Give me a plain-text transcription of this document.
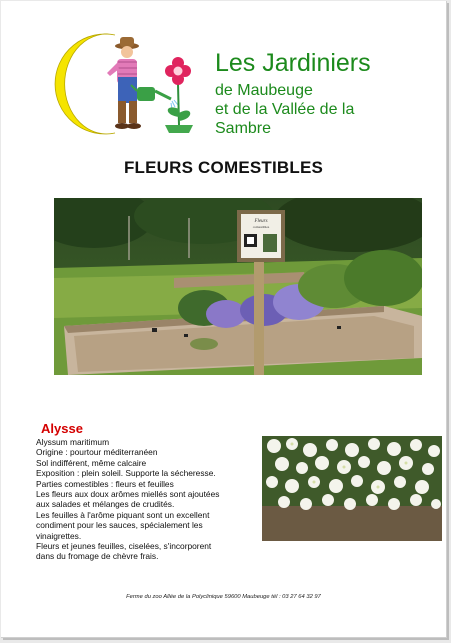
Les Jardiniers
de Maubeuge
et de la Vallée de la
Sambre
FLEURS COMESTIBLES
Fleurs
comestibles
Alysse
Alyssum maritimum
Origine : pourtour méditerranéen
Sol indifférent, même calcaire
Exposition : plein soleil. Supporte la sécheresse.
Parties comestibles : fleurs et feuilles
Les fleurs aux doux arômes miellés sont ajoutées
aux salades et mélanges de crudités.
Les feuilles à l'arôme piquant sont un excellent
condiment pour les sauces, spécialement les
vinaigrettes.
Fleurs et jeunes feuilles, ciselées, s'incorporent
dans du fromage de chèvre frais.
Ferme du zoo Allée de la Polyclinique 59600 Maubeuge tél : 03 27 64 32 97
